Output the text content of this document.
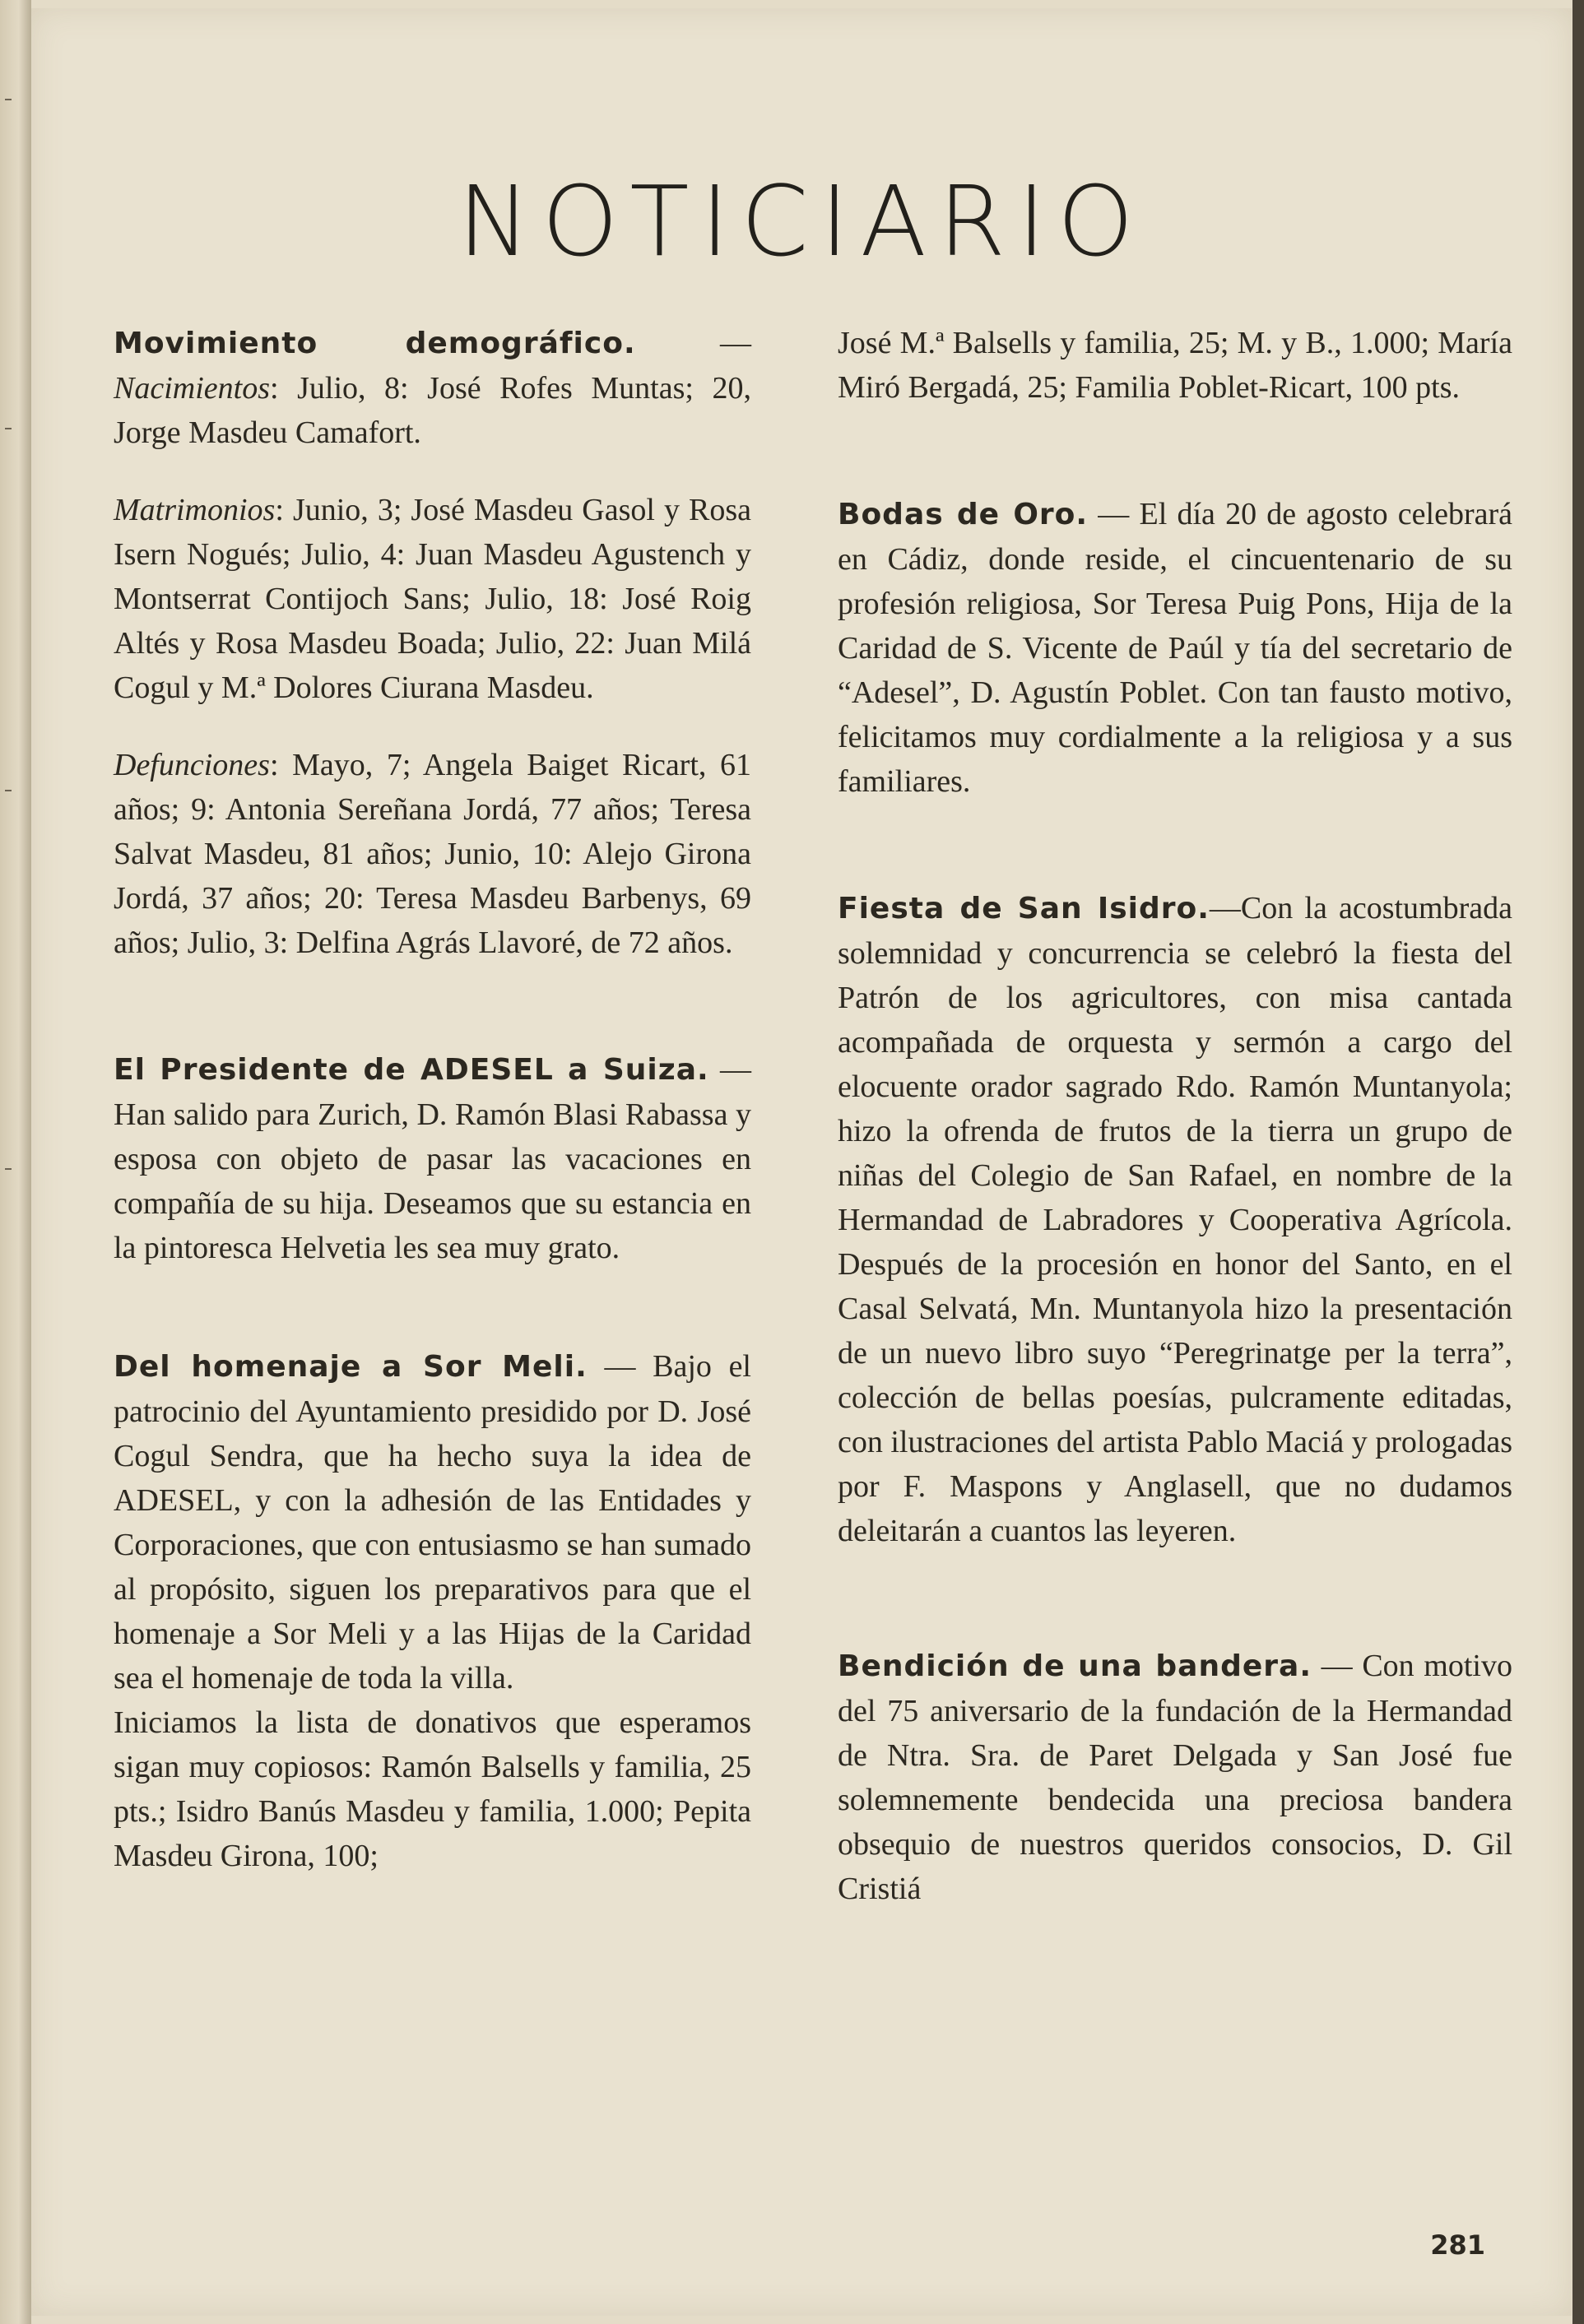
NOTICIARIO

Movimiento demográfico. — Nacimientos: Julio, 8: José Rofes Muntas; 20, Jorge Masdeu Camafort.

Matrimonios: Junio, 3; José Masdeu Gasol y Rosa Isern Nogués; Julio, 4: Juan Masdeu Agustench y Montserrat Contijoch Sans; Julio, 18: José Roig Altés y Rosa Masdeu Boada; Julio, 22: Juan Milá Cogul y M.ª Dolores Ciurana Masdeu.

Defunciones: Mayo, 7; Angela Baiget Ricart, 61 años; 9: Antonia Sereñana Jordá, 77 años; Teresa Salvat Masdeu, 81 años; Junio, 10: Alejo Girona Jordá, 37 años; 20: Teresa Masdeu Barbenys, 69 años; Julio, 3: Delfina Agrás Llavoré, de 72 años.

El Presidente de ADESEL a Suiza. — Han salido para Zurich, D. Ramón Blasi Rabassa y esposa con objeto de pasar las vacaciones en compañía de su hija. Deseamos que su estancia en la pintoresca Helvetia les sea muy grato.

Del homenaje a Sor Meli. — Bajo el patrocinio del Ayuntamiento presidido por D. José Cogul Sendra, que ha hecho suya la idea de ADESEL, y con la adhesión de las Entidades y Corporaciones, que con entusiasmo se han sumado al propósito, siguen los preparativos para que el homenaje a Sor Meli y a las Hijas de la Caridad sea el homenaje de toda la villa.

Iniciamos la lista de donativos que esperamos sigan muy copiosos: Ramón Balsells y familia, 25 pts.; Isidro Banús Masdeu y familia, 1.000; Pepita Masdeu Girona, 100;

José M.ª Balsells y familia, 25; M. y B., 1.000; María Miró Bergadá, 25; Familia Poblet-Ricart, 100 pts.

Bodas de Oro. — El día 20 de agosto celebrará en Cádiz, donde reside, el cincuentenario de su profesión religiosa, Sor Teresa Puig Pons, Hija de la Caridad de S. Vicente de Paúl y tía del secretario de “Adesel”, D. Agustín Poblet. Con tan fausto motivo, felicitamos muy cordialmente a la religiosa y a sus familiares.

Fiesta de San Isidro.—Con la acostumbrada solemnidad y concurrencia se celebró la fiesta del Patrón de los agricultores, con misa cantada acompañada de orquesta y sermón a cargo del elocuente orador sagrado Rdo. Ramón Muntanyola; hizo la ofrenda de frutos de la tierra un grupo de niñas del Colegio de San Rafael, en nombre de la Hermandad de Labradores y Cooperativa Agrícola. Después de la procesión en honor del Santo, en el Casal Selvatá, Mn. Muntanyola hizo la presentación de un nuevo libro suyo “Peregrinatge per la terra”, colección de bellas poesías, pulcramente editadas, con ilustraciones del artista Pablo Maciá y prologadas por F. Maspons y Anglasell, que no dudamos deleitarán a cuantos las leyeren.

Bendición de una bandera. — Con motivo del 75 aniversario de la fundación de la Hermandad de Ntra. Sra. de Paret Delgada y San José fue solemnemente bendecida una preciosa bandera obsequio de nuestros queridos consocios, D. Gil Cristiá

281
